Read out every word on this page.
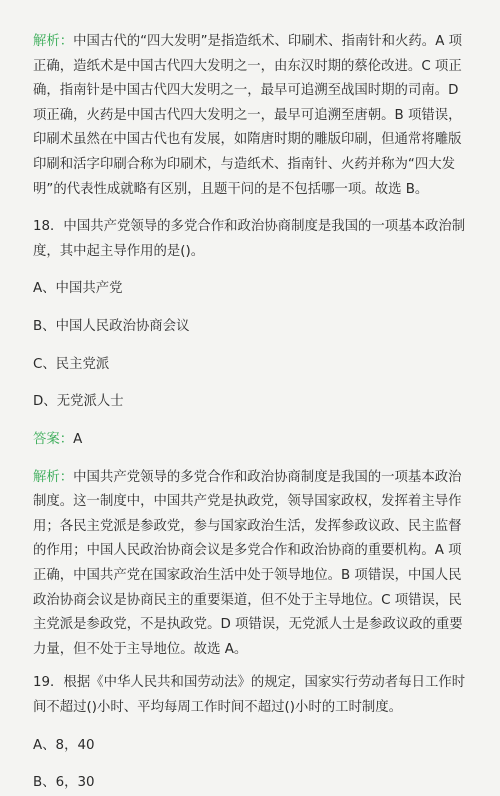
解析：中国古代的“四大发明”是指造纸术、印刷术、指南针和火药。A 项正确，造纸术是中国古代四大发明之一，由东汉时期的蔡伦改进。C 项正确，指南针是中国古代四大发明之一，最早可追溯至战国时期的司南。D 项正确，火药是中国古代四大发明之一，最早可追溯至唐朝。B 项错误，印刷术虽然在中国古代也有发展，如隋唐时期的雕版印刷，但通常将雕版印刷和活字印刷合称为印刷术，与造纸术、指南针、火药并称为“四大发明”的代表性成就略有区别，且题干问的是不包括哪一项。故选 B。

18．中国共产党领导的多党合作和政治协商制度是我国的一项基本政治制度，其中起主导作用的是()。

A、中国共产党

B、中国人民政治协商会议

C、民主党派

D、无党派人士

答案：A

解析：中国共产党领导的多党合作和政治协商制度是我国的一项基本政治制度。这一制度中，中国共产党是执政党，领导国家政权，发挥着主导作用；各民主党派是参政党，参与国家政治生活，发挥参政议政、民主监督的作用；中国人民政治协商会议是多党合作和政治协商的重要机构。A 项正确，中国共产党在国家政治生活中处于领导地位。B 项错误，中国人民政治协商会议是协商民主的重要渠道，但不处于主导地位。C 项错误，民主党派是参政党，不是执政党。D 项错误，无党派人士是参政议政的重要力量，但不处于主导地位。故选 A。

19．根据《中华人民共和国劳动法》的规定，国家实行劳动者每日工作时间不超过()小时、平均每周工作时间不超过()小时的工时制度。

A、8，40

B、6，30
